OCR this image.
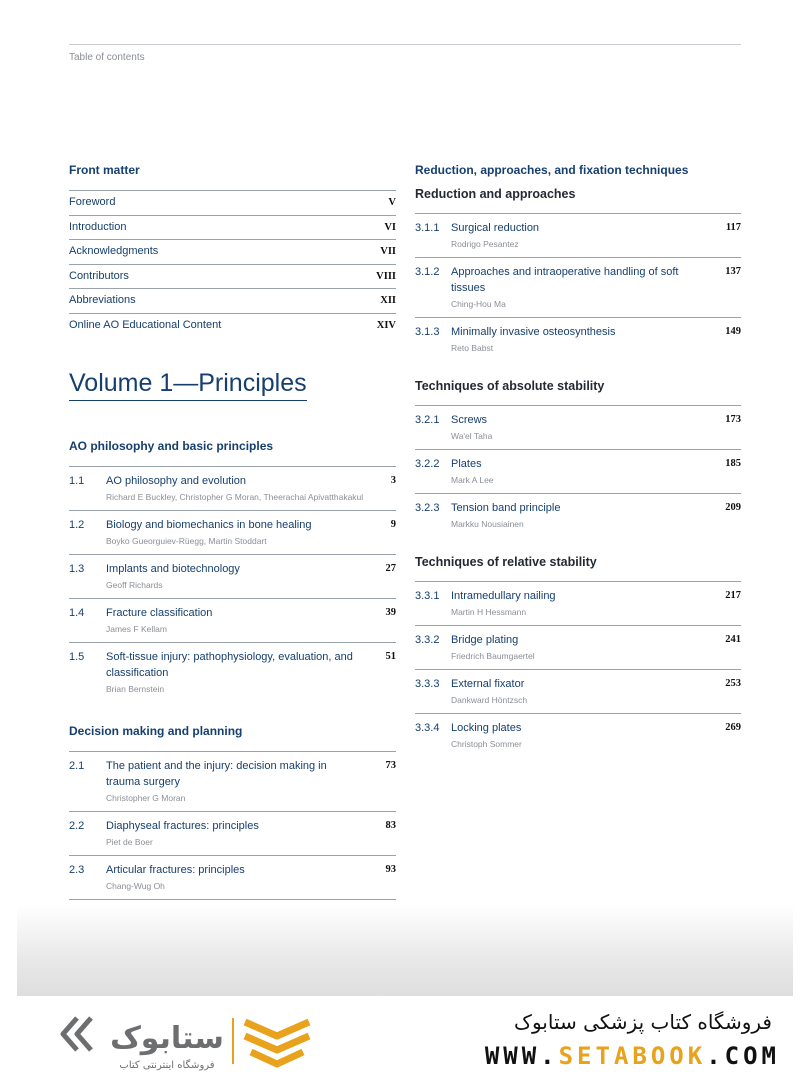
Table of contents
Front matter
Foreword	V
Introduction	VI
Acknowledgments	VII
Contributors	VIII
Abbreviations	XII
Online AO Educational Content	XIV
Volume 1—Principles
AO philosophy and basic principles
1.1	AO philosophy and evolution
Richard E Buckley, Christopher G Moran, Theerachai Apivatthakakul
3
1.2	Biology and biomechanics in bone healing
Boyko Gueorguiev-Rüegg, Martin Stoddart
9
1.3	Implants and biotechnology
Geoff Richards
27
1.4	Fracture classification
James F Kellam
39
1.5	Soft-tissue injury: pathophysiology, evaluation, and classification
Brian Bernstein
51
Decision making and planning
2.1	The patient and the injury: decision making in trauma surgery
Christopher G Moran
73
2.2	Diaphyseal fractures: principles
Piet de Boer
83
2.3	Articular fractures: principles
Chang-Wug Oh
93
Reduction, approaches, and fixation techniques
Reduction and approaches
3.1.1	Surgical reduction
Rodrigo Pesantez
117
3.1.2	Approaches and intraoperative handling of soft tissues
Ching-Hou Ma
137
3.1.3	Minimally invasive osteosynthesis
Reto Babst
149
Techniques of absolute stability
3.2.1	Screws
Wa'el Taha
173
3.2.2	Plates
Mark A Lee
185
3.2.3	Tension band principle
Markku Nousiainen
209
Techniques of relative stability
3.3.1	Intramedullary nailing
Martin H Hessmann
217
3.3.2	Bridge plating
Friedrich Baumgaertel
241
3.3.3	External fixator
Dankward Höntzsch
253
3.3.4	Locking plates
Christoph Sommer
269
ستابوک
فروشگاه اینترنتی کتاب
فروشگاه کتاب پزشکی ستابوک
WWW.SETABOOK.COM
